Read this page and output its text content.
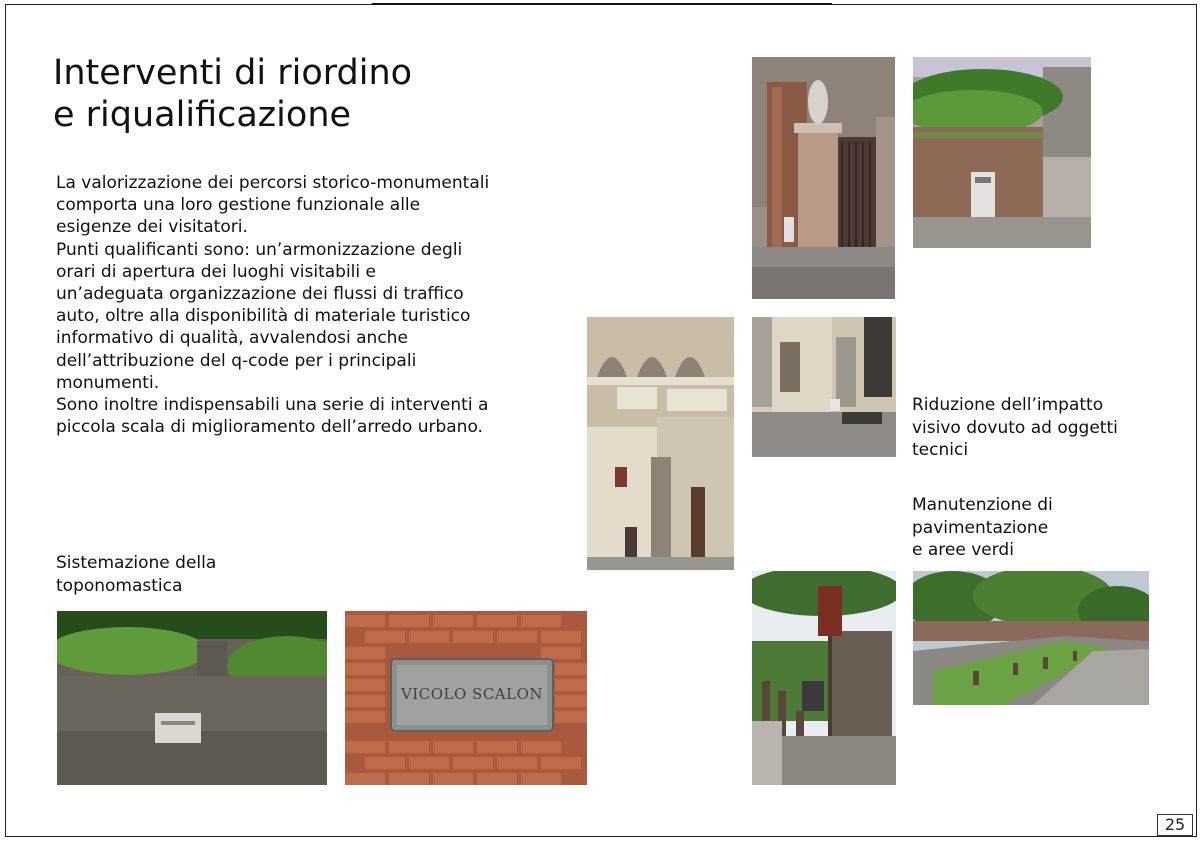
Interventi di riordino
e riqualificazione

La valorizzazione dei percorsi storico-monumentali
comporta una loro gestione funzionale alle
esigenze dei visitatori.
Punti qualificanti sono: un’armonizzazione degli
orari di apertura dei luoghi visitabili e
un’adeguata organizzazione dei flussi di traffico
auto, oltre alla disponibilità di materiale turistico
informativo di qualità, avvalendosi anche
dell’attribuzione del q-code per i principali
monumenti.
Sono inoltre indispensabili una serie di interventi a
piccola scala di miglioramento dell’arredo urbano.

Sistemazione della
toponomastica

Riduzione dell’impatto
visivo dovuto ad oggetti
tecnici

Manutenzione di
pavimentazione
e aree verdi

VICOLO SCALON
25
